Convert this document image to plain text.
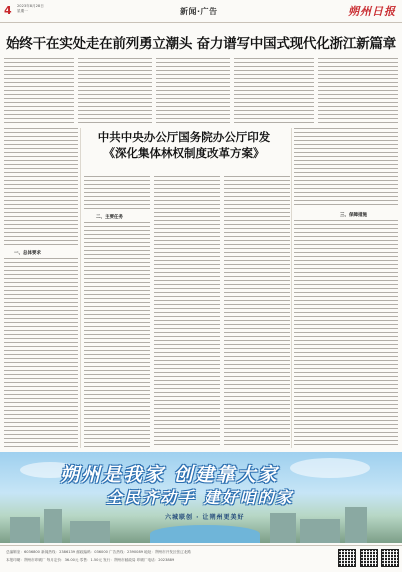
4 2023年8月28日
星期一	新闻·广告	朔州日报
始终干在实处走在前列勇立潮头 奋力谱写中国式现代化浙江新篇章
一、总体要求
中共中央办公厅国务院办公厅印发
《深化集体林权制度改革方案》
三、保障措施
二、主要任务
朔州是我家 创建靠大家
全民齐动手 建好咱的家
六城联创 · 让朔州更美好
总编辑室：6036800 新闻热线：2386139 邮政编码：036000 广告热线：2390089 地址：朔州市开发区张辽北路
本报印刷：朔州市印刷厂 每月定价：36.00元 零售：1.50元 发行：朔州市邮政局 印刷厂电话：2023889
